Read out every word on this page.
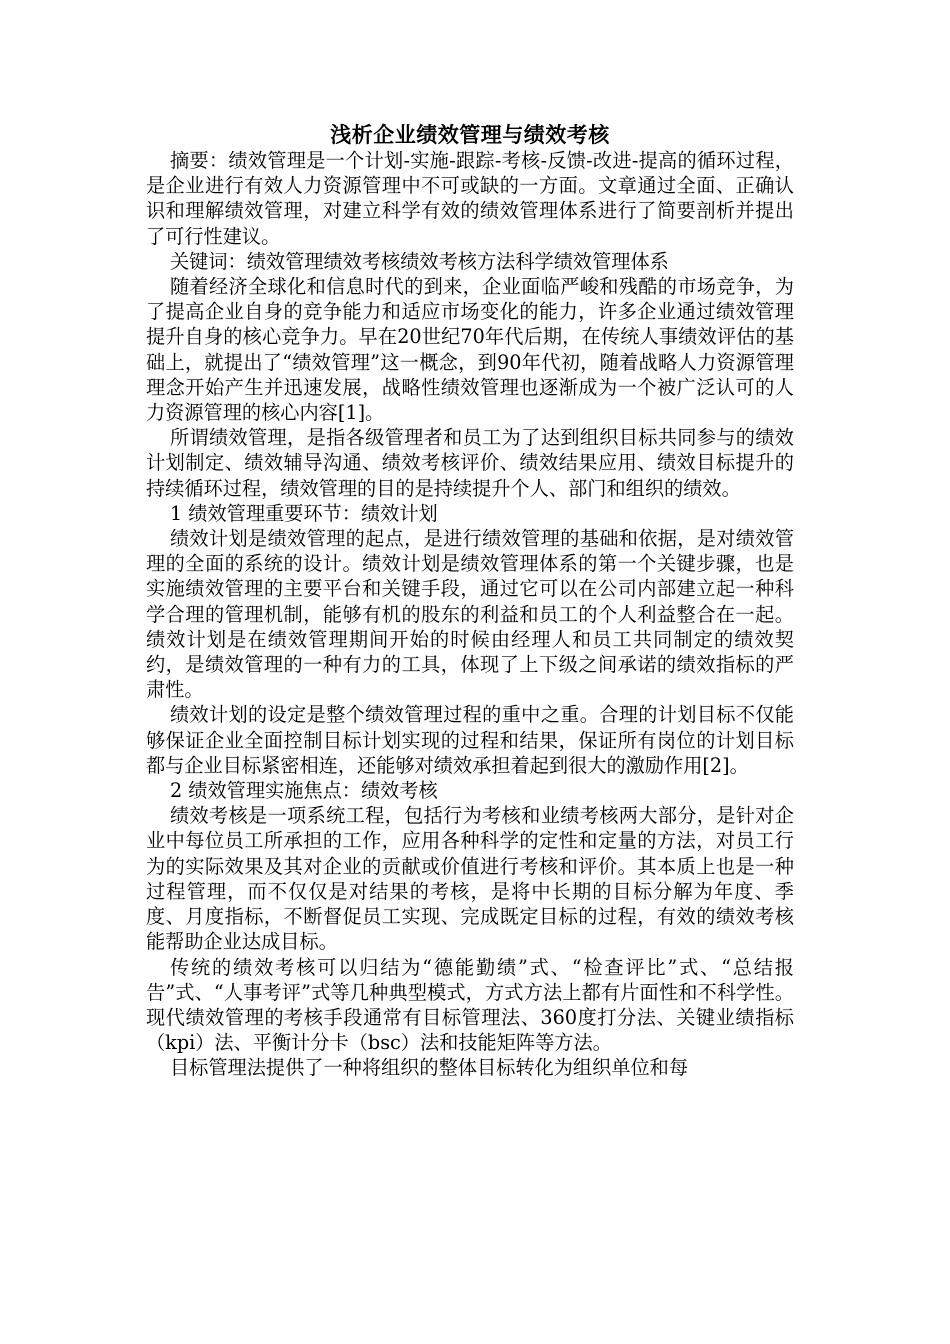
浅析企业绩效管理与绩效考核

摘要：绩效管理是一个计划-实施-跟踪-考核-反馈-改进-提高的循环过程，是企业进行有效人力资源管理中不可或缺的一方面。文章通过全面、正确认识和理解绩效管理，对建立科学有效的绩效管理体系进行了简要剖析并提出了可行性建议。

关键词：绩效管理绩效考核绩效考核方法科学绩效管理体系

随着经济全球化和信息时代的到来，企业面临严峻和残酷的市场竞争，为了提高企业自身的竞争能力和适应市场变化的能力，许多企业通过绩效管理提升自身的核心竞争力。早在20世纪70年代后期，在传统人事绩效评估的基础上，就提出了“绩效管理”这一概念，到90年代初，随着战略人力资源管理理念开始产生并迅速发展，战略性绩效管理也逐渐成为一个被广泛认可的人力资源管理的核心内容[1]。

所谓绩效管理，是指各级管理者和员工为了达到组织目标共同参与的绩效计划制定、绩效辅导沟通、绩效考核评价、绩效结果应用、绩效目标提升的持续循环过程，绩效管理的目的是持续提升个人、部门和组织的绩效。

1 绩效管理重要环节：绩效计划

绩效计划是绩效管理的起点，是进行绩效管理的基础和依据，是对绩效管理的全面的系统的设计。绩效计划是绩效管理体系的第一个关键步骤，也是实施绩效管理的主要平台和关键手段，通过它可以在公司内部建立起一种科学合理的管理机制，能够有机的股东的利益和员工的个人利益整合在一起。绩效计划是在绩效管理期间开始的时候由经理人和员工共同制定的绩效契约，是绩效管理的一种有力的工具，体现了上下级之间承诺的绩效指标的严肃性。

绩效计划的设定是整个绩效管理过程的重中之重。合理的计划目标不仅能够保证企业全面控制目标计划实现的过程和结果，保证所有岗位的计划目标都与企业目标紧密相连，还能够对绩效承担着起到很大的激励作用[2]。

2 绩效管理实施焦点：绩效考核

绩效考核是一项系统工程，包括行为考核和业绩考核两大部分，是针对企业中每位员工所承担的工作，应用各种科学的定性和定量的方法，对员工行为的实际效果及其对企业的贡献或价值进行考核和评价。其本质上也是一种过程管理，而不仅仅是对结果的考核，是将中长期的目标分解为年度、季度、月度指标，不断督促员工实现、完成既定目标的过程，有效的绩效考核能帮助企业达成目标。

传统的绩效考核可以归结为“德能勤绩”式、“检查评比”式、“总结报告”式、“人事考评”式等几种典型模式，方式方法上都有片面性和不科学性。现代绩效管理的考核手段通常有目标管理法、360度打分法、关键业绩指标（kpi）法、平衡计分卡（bsc）法和技能矩阵等方法。

目标管理法提供了一种将组织的整体目标转化为组织单位和每
